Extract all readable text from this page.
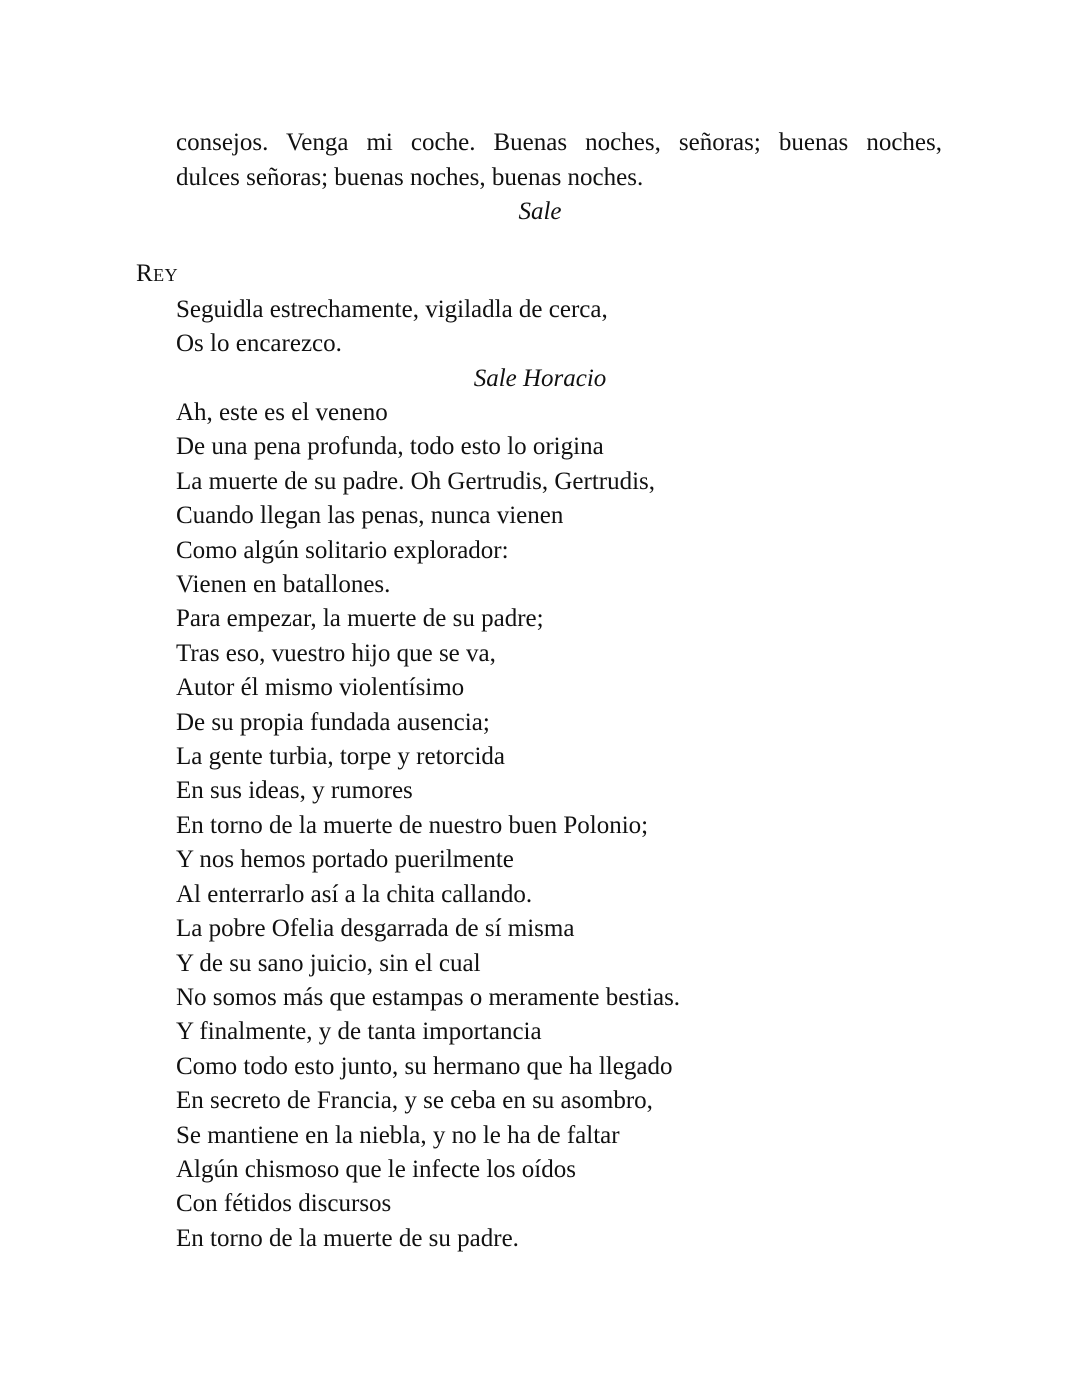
consejos. Venga mi coche. Buenas noches, señoras; buenas noches,
dulces señoras; buenas noches, buenas noches.
Sale
Rey
Seguidla estrechamente, vigiladla de cerca,
Os lo encarezco.
Sale Horacio
Ah, este es el veneno
De una pena profunda, todo esto lo origina
La muerte de su padre. Oh Gertrudis, Gertrudis,
Cuando llegan las penas, nunca vienen
Como algún solitario explorador:
Vienen en batallones.
Para empezar, la muerte de su padre;
Tras eso, vuestro hijo que se va,
Autor él mismo violentísimo
De su propia fundada ausencia;
La gente turbia, torpe y retorcida
En sus ideas, y rumores
En torno de la muerte de nuestro buen Polonio;
Y nos hemos portado puerilmente
Al enterrarlo así a la chita callando.
La pobre Ofelia desgarrada de sí misma
Y de su sano juicio, sin el cual
No somos más que estampas o meramente bestias.
Y finalmente, y de tanta importancia
Como todo esto junto, su hermano que ha llegado
En secreto de Francia, y se ceba en su asombro,
Se mantiene en la niebla, y no le ha de faltar
Algún chismoso que le infecte los oídos
Con fétidos discursos
En torno de la muerte de su padre.
